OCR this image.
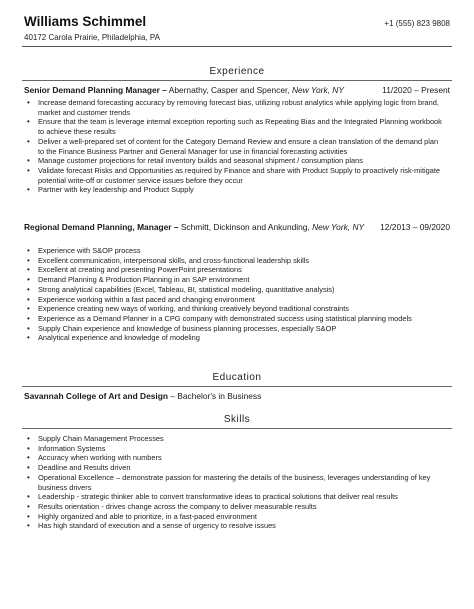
Williams Schimmel	+1 (555) 823 9808
40172 Carola Prairie, Philadelphia, PA
Experience
Senior Demand Planning Manager – Abernathy, Casper and Spencer, New York, NY	11/2020 – Present
• Increase demand forecasting accuracy by removing forecast bias, utilizing robust analytics while applying logic from brand, market and customer trends
• Ensure that the team is leverage internal exception reporting such as Repeating Bias and the Integrated Planning workbook to achieve these results
• Deliver a well-prepared set of content for the Category Demand Review and ensure a clean translation of the demand plan to the Finance Business Partner and General Manager for use in financial forecasting activities
• Manage customer projections for retail inventory builds and seasonal shipment / consumption plans
• Validate forecast Risks and Opportunities as required by Finance and share with Product Supply to proactively risk-mitigate potential write-off or customer service issues before they occur
• Partner with key leadership and Product Supply
Regional Demand Planning, Manager – Schmitt, Dickinson and Ankunding, New York, NY	12/2013 – 09/2020
• Experience with S&OP process
• Excellent communication, interpersonal skills, and cross-functional leadership skills
• Excellent at creating and presenting PowerPoint presentations
• Demand Planning & Production Planning in an SAP environment
• Strong analytical capabilities (Excel, Tableau, BI, statistical modeling, quantitative analysis)
• Experience working within a fast paced and changing environment
• Experience creating new ways of working, and thinking creatively beyond traditional constraints
• Experience as a Demand Planner in a CPG company with demonstrated success using statistical planning models
• Supply Chain experience and knowledge of business planning processes, especially S&OP
• Analytical experience and knowledge of modeling
Education
Savannah College of Art and Design – Bachelor's in Business
Skills
• Supply Chain Management Processes
• Information Systems
• Accuracy when working with numbers
• Deadline and Results driven
• Operational Excellence – demonstrate passion for mastering the details of the business, leverages understanding of key business drivers
• Leadership - strategic thinker able to convert transformative ideas to practical solutions that deliver real results
• Results orientation - drives change across the company to deliver measurable results
• Highly organized and able to prioritize, in a fast-paced environment
• Has high standard of execution and a sense of urgency to resolve issues
